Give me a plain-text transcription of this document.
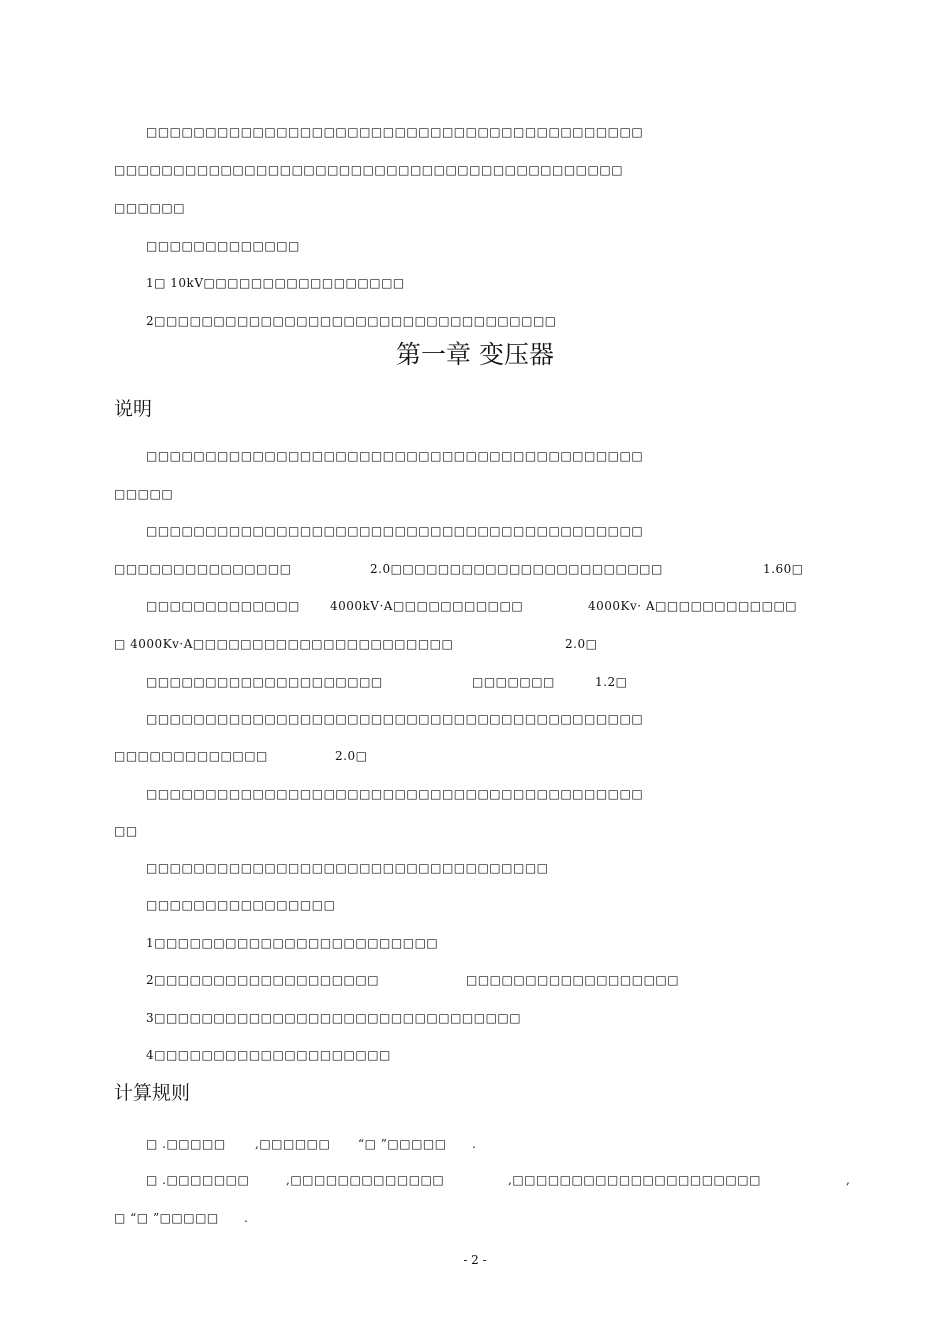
□□□□□□□□□□□□□□□□□□□□□□□□□□□□□□□□□□□□□□□□□□
□□□□□□□□□□□□□□□□□□□□□□□□□□□□□□□□□□□□□□□□□□□
□□□□□□
□□□□□□□□□□□□□
1□ 10kV□□□□□□□□□□□□□□□□□
2□□□□□□□□□□□□□□□□□□□□□□□□□□□□□□□□□□
第一章 变压器
说明
□□□□□□□□□□□□□□□□□□□□□□□□□□□□□□□□□□□□□□□□□□
□□□□□
□□□□□□□□□□□□□□□□□□□□□□□□□□□□□□□□□□□□□□□□□□
□□□□□□□□□□□□□□□	2.0□□□□□□□□□□□□□□□□□□□□□□□	1.60□
□□□□□□□□□□□□□	4000kV·A□□□□□□□□□□□	4000Kv· A□□□□□□□□□□□□
□ 4000Kv·A□□□□□□□□□□□□□□□□□□□□□□	2.0□
□□□□□□□□□□□□□□□□□□□□	□□□□□□□	1.2□
□□□□□□□□□□□□□□□□□□□□□□□□□□□□□□□□□□□□□□□□□□
□□□□□□□□□□□□□	2.0□
□□□□□□□□□□□□□□□□□□□□□□□□□□□□□□□□□□□□□□□□□□
□□
□□□□□□□□□□□□□□□□□□□□□□□□□□□□□□□□□□
□□□□□□□□□□□□□□□□
1□□□□□□□□□□□□□□□□□□□□□□□□
2□□□□□□□□□□□□□□□□□□□	□□□□□□□□□□□□□□□□□□
3□□□□□□□□□□□□□□□□□□□□□□□□□□□□□□□
4□□□□□□□□□□□□□□□□□□□□
计算规则
□ .□□□□□ ,□□□□□□ “□ ”□□□□□ .
□ .□□□□□□□	,□□□□□□□□□□□□□	,□□□□□□□□□□□□□□□□□□□□□	,
□ “□ ”□□□□□ .
- 2 -
